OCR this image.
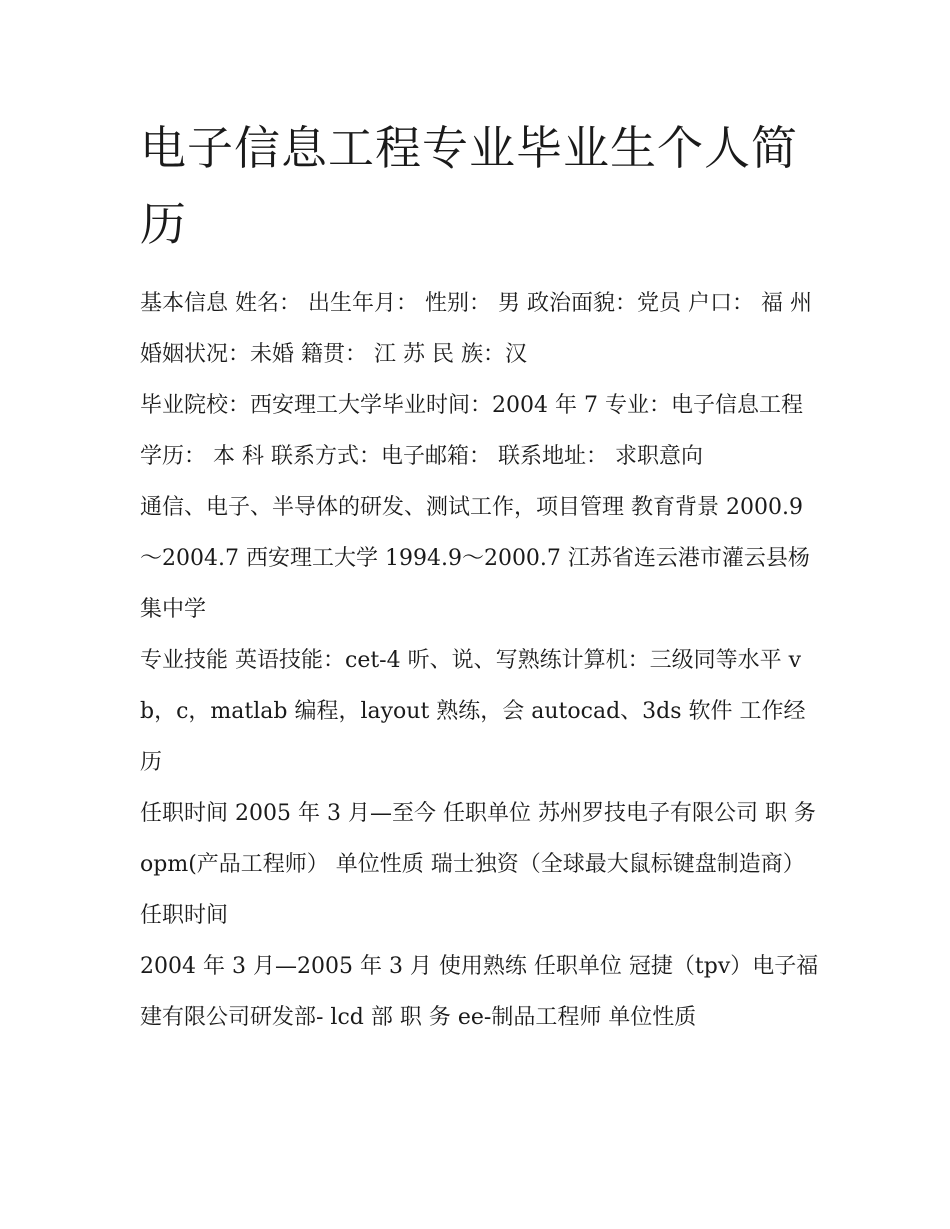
电子信息工程专业毕业生个人简历

基本信息 姓名： 出生年月： 性别： 男 政治面貌：党员 户口： 福 州 婚姻状况：未婚 籍贯： 江 苏 民 族：汉

毕业院校：西安理工大学毕业时间：2004 年 7 专业：电子信息工程 学历： 本 科 联系方式：电子邮箱： 联系地址： 求职意向

通信、电子、半导体的研发、测试工作，项目管理 教育背景 2000.9～2004.7 西安理工大学 1994.9～2000.7 江苏省连云港市灌云县杨集中学

专业技能 英语技能：cet-4 听、说、写熟练计算机：三级同等水平 vb，c，matlab 编程，layout 熟练，会 autocad、3ds 软件 工作经历

任职时间 2005 年 3 月—至今 任职单位 苏州罗技电子有限公司 职 务 opm(产品工程师） 单位性质 瑞士独资（全球最大鼠标键盘制造商） 任职时间

2004 年 3 月—2005 年 3 月 使用熟练 任职单位 冠捷（tpv）电子福建有限公司研发部- lcd 部 职 务 ee-制品工程师 单位性质
